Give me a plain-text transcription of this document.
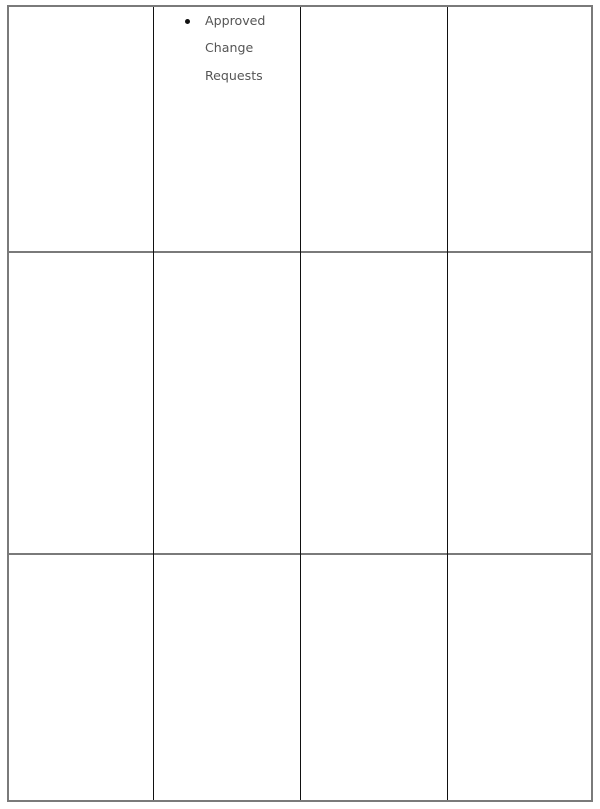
Approved Change Requests
